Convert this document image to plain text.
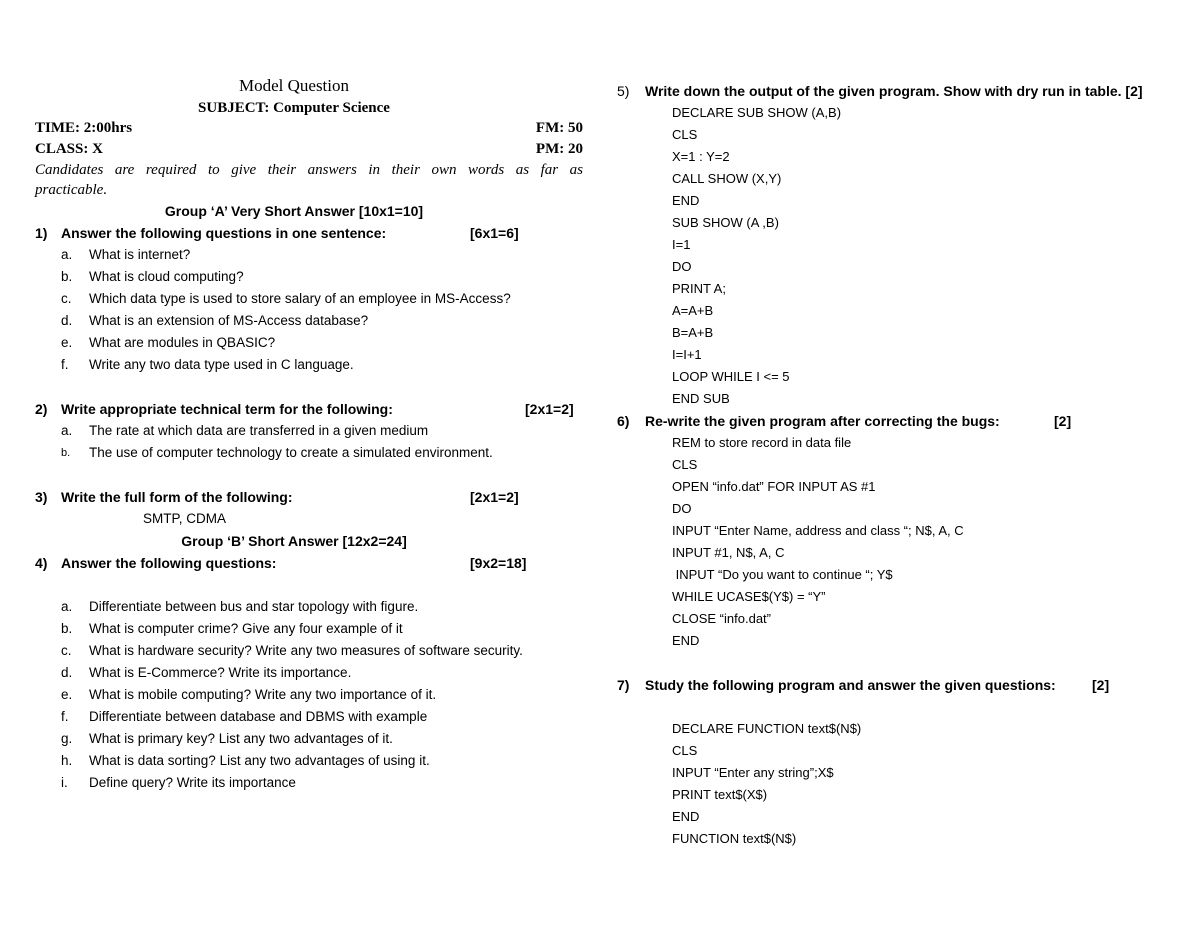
Model Question
SUBJECT: Computer Science
TIME: 2:00hrs	FM: 50
CLASS: X	PM: 20
Candidates are required to give their answers in their own words as far as practicable.
Group ‘A’ Very Short Answer [10x1=10]
1) Answer the following questions in one sentence:	[6x1=6]
a.	What is internet?
b.	What is cloud computing?
c.	Which data type is used to store salary of an employee in MS-Access?
d.	What is an extension of MS-Access database?
e.	What are modules in QBASIC?
f.	Write any two data type used in C language.
2) Write appropriate technical term for the following:	[2x1=2]
a.	The rate at which data are transferred in a given medium
b.	The use of computer technology to create a simulated environment.
3) Write the full form of the following:	[2x1=2]
SMTP, CDMA
Group ‘B’ Short Answer [12x2=24]
4) Answer the following questions:	[9x2=18]
a.	Differentiate between bus and star topology with figure.
b.	What is computer crime? Give any four example of it
c.	What is hardware security? Write any two measures of software security.
d.	What is E-Commerce? Write its importance.
e.	What is mobile computing? Write any two importance of it.
f.	Differentiate between database and DBMS with example
g.	What is primary key? List any two advantages of it.
h.	What is data sorting? List any two advantages of using it.
i.	Define query? Write its importance
5)	Write down the output of the given program. Show with dry run in table. [2]
DECLARE SUB SHOW (A,B)
CLS
X=1 : Y=2
CALL SHOW (X,Y)
END
SUB SHOW (A ,B)
I=1
DO
PRINT A;
A=A+B
B=A+B
I=I+1
LOOP WHILE I <= 5
END SUB
6)	Re-write the given program after correcting the bugs:	[2]
REM to store record in data file
CLS
OPEN “info.dat” FOR INPUT AS #1
DO
INPUT “Enter Name, address and class “; N$, A, C
INPUT #1, N$, A, C
INPUT “Do you want to continue “; Y$
WHILE UCASE$(Y$) = “Y”
CLOSE “info.dat”
END
7)	Study the following program and answer the given questions:	[2]
DECLARE FUNCTION text$(N$)
CLS
INPUT “Enter any string”;X$
PRINT text$(X$)
END
FUNCTION text$(N$)
